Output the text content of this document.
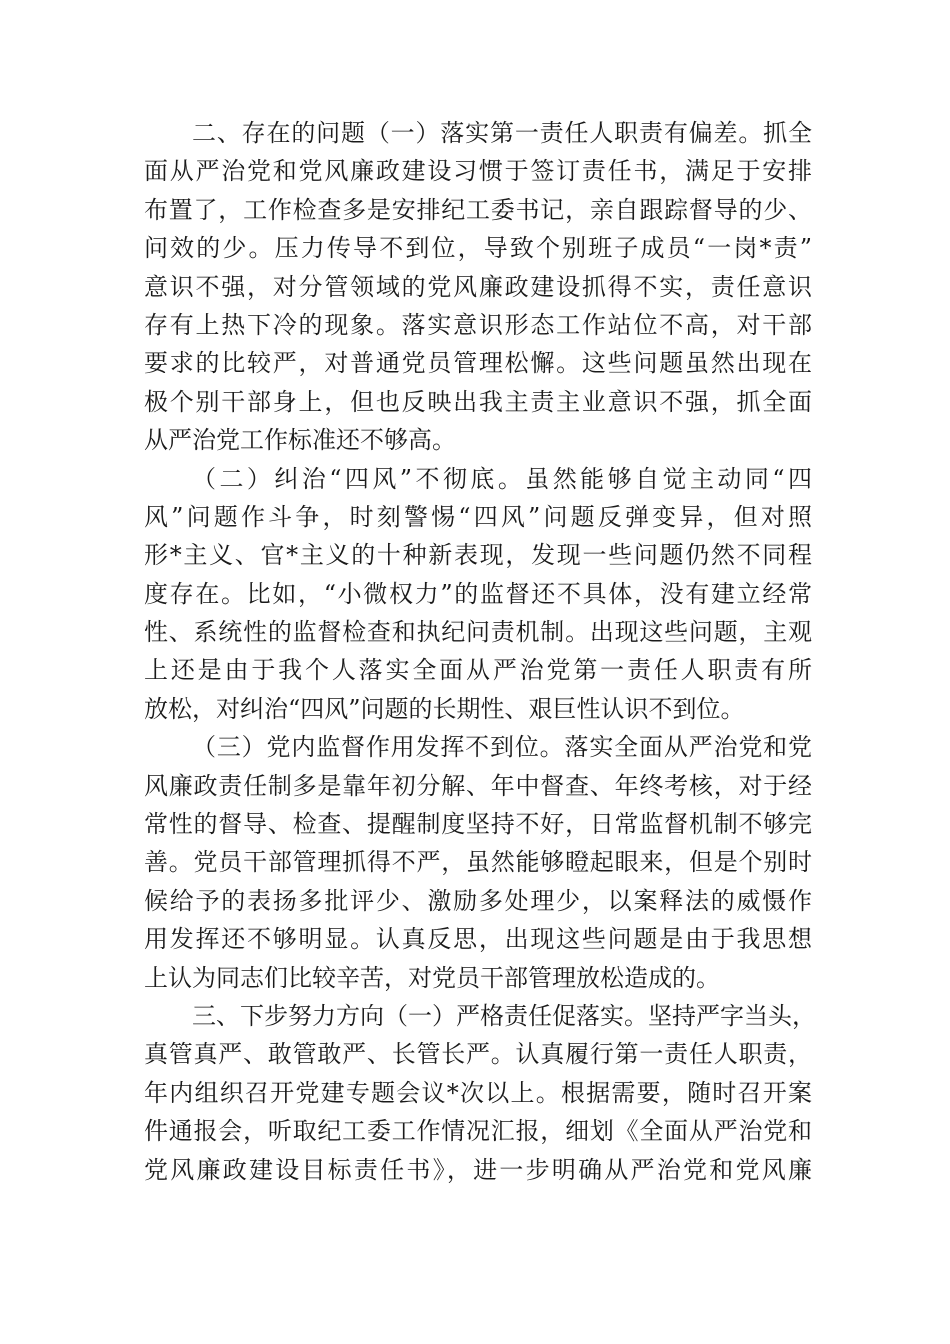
二、存在的问题（一）落实第一责任人职责有偏差。抓全
面从严治党和党风廉政建设习惯于签订责任书，满足于安排
布置了，工作检查多是安排纪工委书记，亲自跟踪督导的少、
问效的少。压力传导不到位，导致个别班子成员“一岗*责”
意识不强，对分管领域的党风廉政建设抓得不实，责任意识
存有上热下冷的现象。落实意识形态工作站位不高，对干部
要求的比较严，对普通党员管理松懈。这些问题虽然出现在
极个别干部身上，但也反映出我主责主业意识不强，抓全面
从严治党工作标准还不够高。
（二）纠治“四风”不彻底。虽然能够自觉主动同“四
风”问题作斗争，时刻警惕“四风”问题反弹变异，但对照
形*主义、官*主义的十种新表现，发现一些问题仍然不同程
度存在。比如，“小微权力”的监督还不具体，没有建立经常
性、系统性的监督检查和执纪问责机制。出现这些问题，主观
上还是由于我个人落实全面从严治党第一责任人职责有所
放松，对纠治“四风”问题的长期性、艰巨性认识不到位。
（三）党内监督作用发挥不到位。落实全面从严治党和党
风廉政责任制多是靠年初分解、年中督查、年终考核，对于经
常性的督导、检查、提醒制度坚持不好，日常监督机制不够完
善。党员干部管理抓得不严，虽然能够瞪起眼来，但是个别时
候给予的表扬多批评少、激励多处理少，以案释法的威慑作
用发挥还不够明显。认真反思，出现这些问题是由于我思想
上认为同志们比较辛苦，对党员干部管理放松造成的。
三、下步努力方向（一）严格责任促落实。坚持严字当头，
真管真严、敢管敢严、长管长严。认真履行第一责任人职责，
年内组织召开党建专题会议*次以上。根据需要，随时召开案
件通报会，听取纪工委工作情况汇报，细划《全面从严治党和
党风廉政建设目标责任书》，进一步明确从严治党和党风廉
